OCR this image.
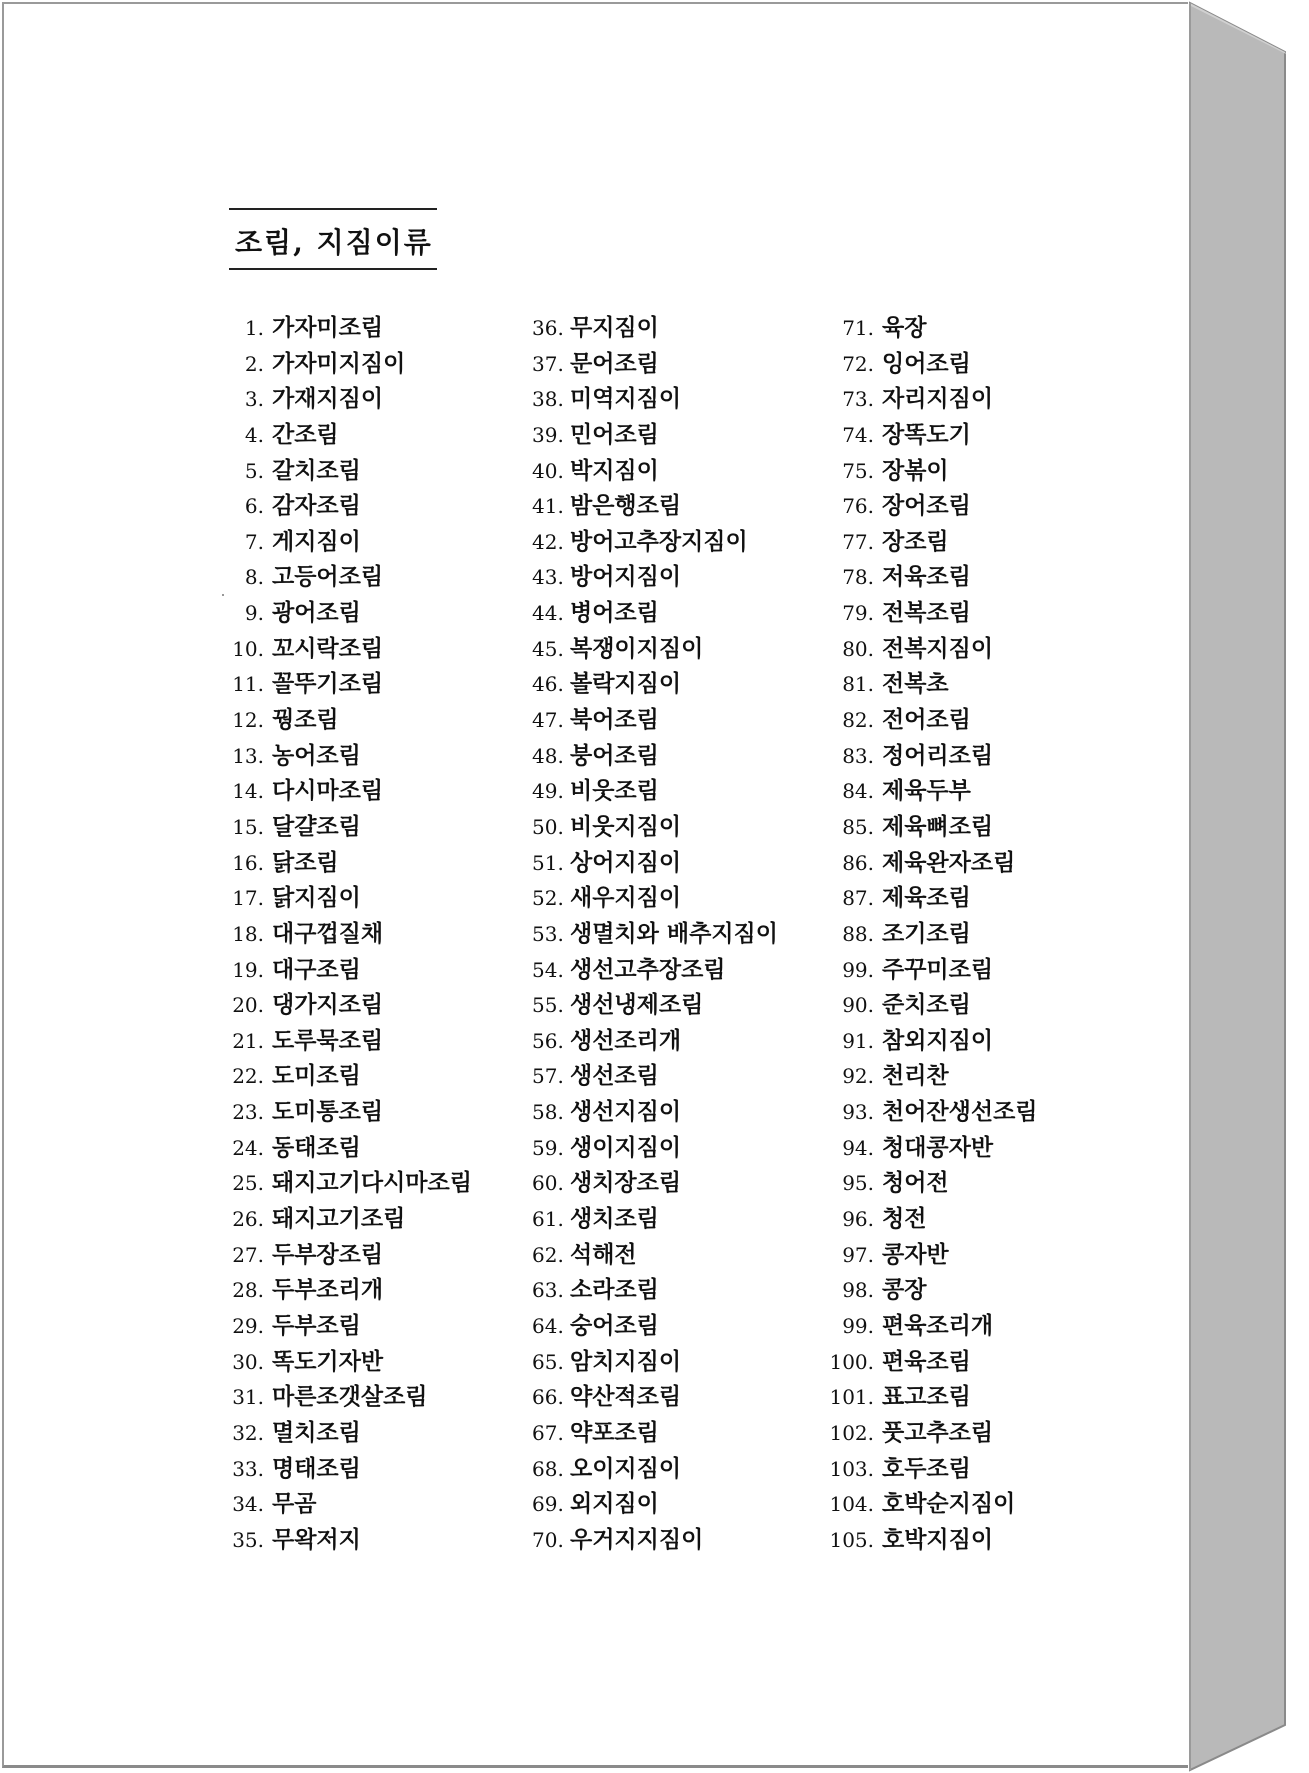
조림, 지짐이류
1. 가자미조림
2. 가자미지짐이
3. 가재지짐이
4. 간조림
5. 갈치조림
6. 감자조림
7. 게지짐이
8. 고등어조림
9. 광어조림
10. 꼬시락조림
11. 꼴뚜기조림
12. 꿩조림
13. 농어조림
14. 다시마조림
15. 달걀조림
16. 닭조림
17. 닭지짐이
18. 대구껍질채
19. 대구조림
20. 댕가지조림
21. 도루묵조림
22. 도미조림
23. 도미통조림
24. 동태조림
25. 돼지고기다시마조림
26. 돼지고기조림
27. 두부장조림
28. 두부조리개
29. 두부조림
30. 똑도기자반
31. 마른조갯살조림
32. 멸치조림
33. 명태조림
34. 무곰
35. 무왁저지
36. 무지짐이
37. 문어조림
38. 미역지짐이
39. 민어조림
40. 박지짐이
41. 밤은행조림
42. 방어고추장지짐이
43. 방어지짐이
44. 병어조림
45. 복쟁이지짐이
46. 볼락지짐이
47. 북어조림
48. 붕어조림
49. 비웃조림
50. 비웃지짐이
51. 상어지짐이
52. 새우지짐이
53. 생멸치와 배추지짐이
54. 생선고추장조림
55. 생선냉제조림
56. 생선조리개
57. 생선조림
58. 생선지짐이
59. 생이지짐이
60. 생치장조림
61. 생치조림
62. 석해전
63. 소라조림
64. 숭어조림
65. 암치지짐이
66. 약산적조림
67. 약포조림
68. 오이지짐이
69. 외지짐이
70. 우거지지짐이
71. 육장
72. 잉어조림
73. 자리지짐이
74. 장똑도기
75. 장볶이
76. 장어조림
77. 장조림
78. 저육조림
79. 전복조림
80. 전복지짐이
81. 전복초
82. 전어조림
83. 정어리조림
84. 제육두부
85. 제육뼈조림
86. 제육완자조림
87. 제육조림
88. 조기조림
99. 주꾸미조림
90. 준치조림
91. 참외지짐이
92. 천리찬
93. 천어잔생선조림
94. 청대콩자반
95. 청어전
96. 청전
97. 콩자반
98. 콩장
99. 편육조리개
100. 편육조림
101. 표고조림
102. 풋고추조림
103. 호두조림
104. 호박순지짐이
105. 호박지짐이
